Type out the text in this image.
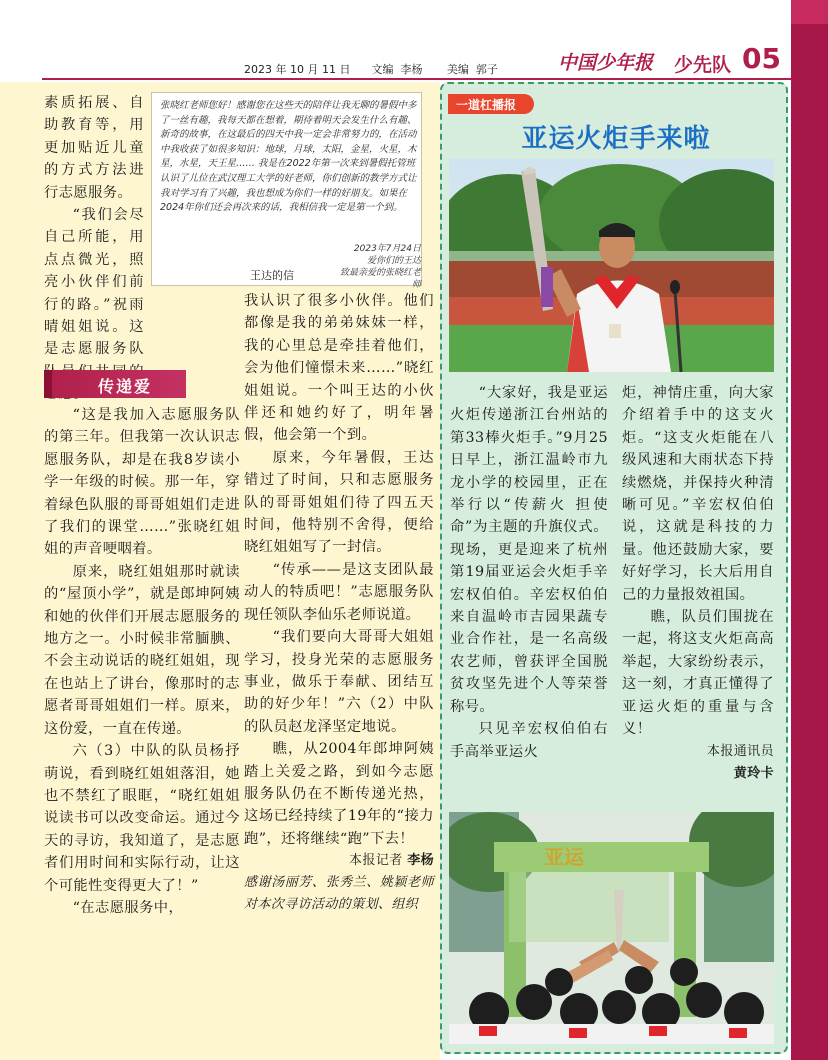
2023 年 10 月 11 日      文编  李杨       美编  郭子	中国少年报 少先队 05

素质拓展、自助教育等，用更加贴近儿童的方式方法进行志愿服务。

“我们会尽自己所能，用点点微光，照亮小伙伴们前行的路。”祝雨晴姐姐说。这是志愿服务队

张晓红老师您好！感谢您在这些天的陪伴让我无聊的暑假中多了一丝有趣，我每天都在想着，期待着明天会发生什么有趣、新奇的故事，在这最后的四天中我一定会非常努力的，在活动中我收获了如很多知识：地球，月球，太阳，金星，火星，木星，水星，天王星…… 我是在2022年第一次来到暑假托管班认识了儿位在武汉理工大学的好老师，你们创新的教学方式让我对学习有了兴趣，我也想成为你们一样的好朋友。如果在2024年你们还会再次来的话，我相信我一定是第一个到。
2023年7月24日
爱你们的王达
致最亲爱的张晓红老师
王达的信
传递爱

“这是我加入志愿服务队的第三年。但我第一次认识志愿服务队，却是在我8岁读小学一年级的时候。那一年，穿着绿色队服的哥哥姐姐们走进了我们的课堂……”张晓红姐姐的声音哽咽着。

原来，晓红姐姐那时就读的“屋顶小学”，就是郎坤阿姨和她的伙伴们开展志愿服务的地方之一。小时候非常腼腆、不会主动说话的晓红姐姐，现在也站上了讲台，像那时的志愿者哥哥姐姐们一样。原来，这份爱，一直在传递。

六（3）中队的队员杨抒萌说，看到晓红姐姐落泪，她也不禁红了眼眶，“晓红姐姐说读书可以改变命运。通过今天的寻访，我知道了，是志愿者们用时间和实际行动，让这个可能性变得更大了！”

“在志愿服务中，

我认识了很多小伙伴。他们都像是我的弟弟妹妹一样，我的心里总是牵挂着他们，会为他们憧憬未来……”晓红姐姐说。一个叫王达的小伙伴还和她约好了，明年暑假，他会第一个到。

原来，今年暑假，王达错过了时间，只和志愿服务队的哥哥姐姐们待了四五天时间，他特别不舍得，便给晓红姐姐写了一封信。

“传承——是这支团队最动人的特质吧！”志愿服务队现任领队李仙乐老师说道。

“我们要向大哥哥大姐姐学习，投身光荣的志愿服务事业，做乐于奉献、团结互助的好少年！”六（2）中队的队员赵龙泽坚定地说。

瞧，从2004年郎坤阿姨踏上关爱之路，到如今志愿服务队仍在不断传递光热，这场已经持续了19年的“接力跑”，还将继续“跑”下去！

本报记者 李杨
感谢汤丽芳、张秀兰、姚颖老师对本次寻访活动的策划、组织
一道杠播报
亚运火炬手来啦

“大家好，我是亚运火炬传递浙江台州站的第33棒火炬手。”9月25日早上，浙江温岭市九龙小学的校园里，正在举行以“传薪火 担使命”为主题的升旗仪式。现场，更是迎来了杭州第19届亚运会火炬手辛宏权伯伯。辛宏权伯伯来自温岭市吉园果蔬专业合作社，是一名高级农艺师，曾获评全国脱贫攻坚先进个人等荣誉称号。

只见辛宏权伯伯右手高举亚运火

炬，神情庄重，向大家介绍着手中的这支火炬。“这支火炬能在八级风速和大雨状态下持续燃烧，并保持火种清晰可见。”辛宏权伯伯说，这就是科技的力量。他还鼓励大家，要好好学习，长大后用自己的力量报效祖国。

瞧，队员们围拢在一起，将这支火炬高高举起，大家纷纷表示，这一刻，才真正懂得了亚运火炬的重量与含义！

本报通讯员
黄玲卡
亚运
